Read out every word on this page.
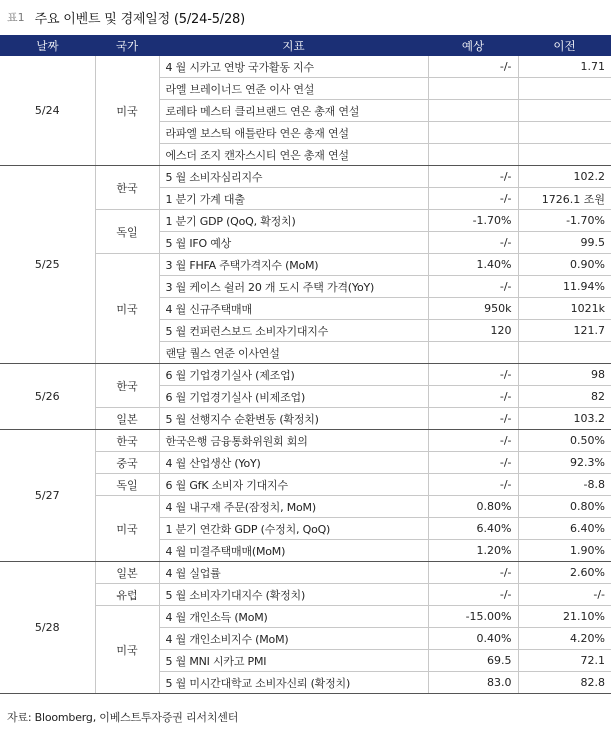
표1 주요 이벤트 및 경제일정 (5/24-5/28)
날짜	국가	지표	예상	이전
5/24	미국	4 월 시카고 연방 국가활동 지수	-/-	1.71
		라엘 브레이너드 연준 이사 연설		
		로레타 메스터 클리브랜드 연은 총재 연설		
		라파엘 보스틱 애틀란타 연은 총재 연설		
		에스더 조지 캔자스시티 연은 총재 연설		
5/25	한국	5 월 소비자심리지수	-/-	102.2
		1 분기 가계 대출	-/-	1726.1 조원
	독일	1 분기 GDP (QoQ, 확정치)	-1.70%	-1.70%
		5 월 IFO 예상	-/-	99.5
	미국	3 월 FHFA 주택가격지수 (MoM)	1.40%	0.90%
		3 월 케이스 쉴러 20 개 도시 주택 가격(YoY)	-/-	11.94%
		4 월 신규주택매매	950k	1021k
		5 월 컨퍼런스보드 소비자기대지수	120	121.7
		랜달 퀄스 연준 이사연설		
5/26	한국	6 월 기업경기실사 (제조업)	-/-	98
		6 월 기업경기실사 (비제조업)	-/-	82
	일본	5 월 선행지수 순환변동 (확정치)	-/-	103.2
5/27	한국	한국은행 금융통화위원회 회의	-/-	0.50%
	중국	4 월 산업생산 (YoY)	-/-	92.3%
	독일	6 월 GfK 소비자 기대지수	-/-	-8.8
	미국	4 월 내구재 주문(잠정치, MoM)	0.80%	0.80%
		1 분기 연간화 GDP (수정치, QoQ)	6.40%	6.40%
		4 월 미결주택매매(MoM)	1.20%	1.90%
5/28	일본	4 월 실업률	-/-	2.60%
	유럽	5 월 소비자기대지수 (확정치)	-/-	-/-
	미국	4 월 개인소득 (MoM)	-15.00%	21.10%
		4 월 개인소비지수 (MoM)	0.40%	4.20%
		5 월 MNI 시카고 PMI	69.5	72.1
		5 월 미시간대학교 소비자신뢰 (확정치)	83.0	82.8
자료: Bloomberg, 이베스트투자증권 리서치센터
